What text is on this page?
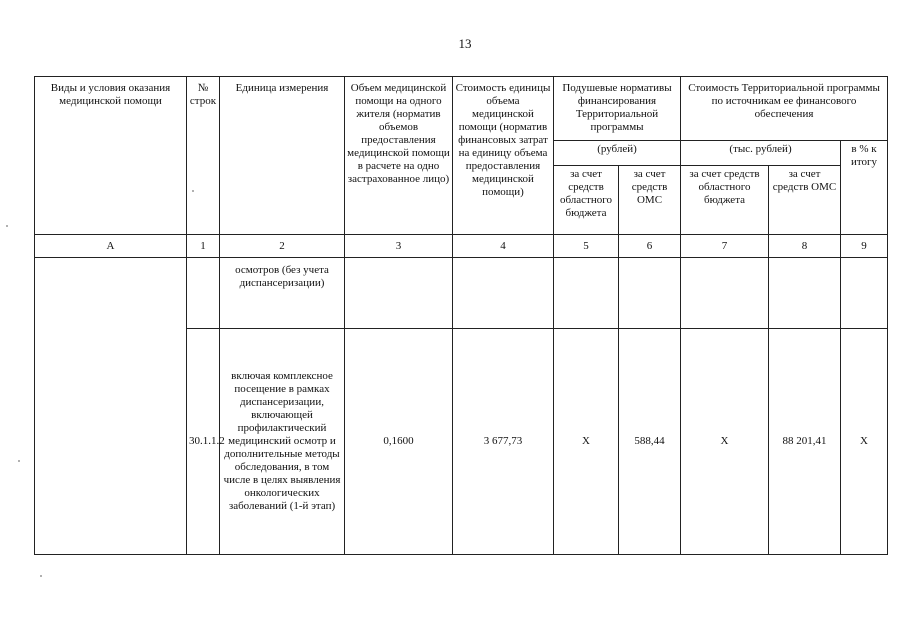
13
Виды и условия оказания медицинской помощи	№ строк	Единица измерения	Объем медицинской помощи на одного жителя (норматив объемов предоставления медицинской помощи в расчете на одно застрахованное лицо)	Стоимость единицы объема медицинской помощи (норматив финансовых затрат на единицу объема предоставления медицинской помощи)	Подушевые нормативы финансирования Территориальной программы		Стоимость Территориальной программы по источникам ее финансового обеспечения		
					(рублей)		(тыс. рублей)		в % к итогу
					за счет средств областного бюджета	за счет средств ОМС	за счет средств областного бюджета	за счет средств ОМС	
А	1	2	3	4	5	6	7	8	9
		осмотров (без учета диспансеризации)							
	30.1.1.2	включая комплексное посещение в рамках диспансеризации, включающей профилактический медицинский осмотр и дополнительные методы обследования, в том числе в целях выявления онкологических заболеваний (1-й этап)	0,1600	3 677,73	X	588,44	X	88 201,41	X
